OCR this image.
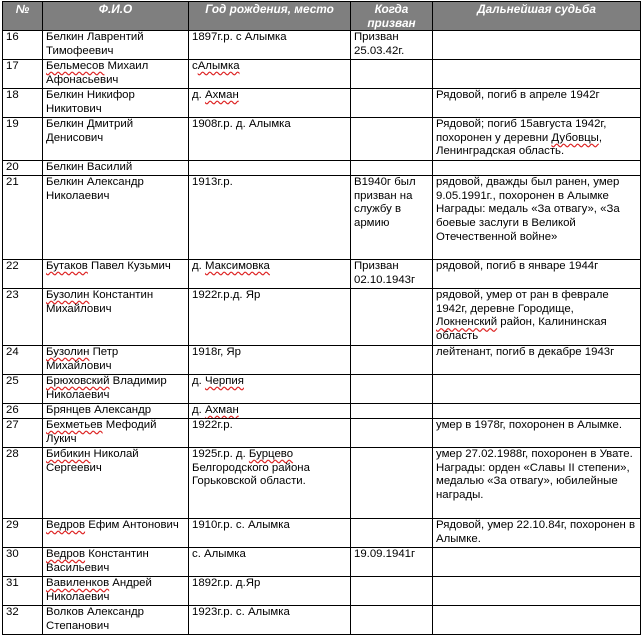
№	Ф.И.О	Год рождения, место	Когда призван	Дальнейшая судьба
16	Белкин Лаврентий Тимофеевич	1897г.р. с Алымка	Призван 25.03.42г.	
17	Бельмесов Михаил Афонасьевич	сАлымка		
18	Белкин Никифор Никитович	д. Ахман		Рядовой, погиб в апреле 1942г
19	Белкин Дмитрий Денисович	1908г.р. д. Алымка		Рядовой; погиб 15августа 1942г, похоронен у деревни Дубовцы, Ленинградская область.
20	Белкин Василий			
21	Белкин Александр Николаевич	1913г.р.	В1940г был призван на службу в армию	рядовой, дважды был ранен, умер 9.05.1991г., похоронен в Алымке
Награды: медаль «За отвагу», «За боевые заслуги в Великой Отечественной войне»
22	Бутаков Павел Кузьмич	д. Максимовка	Призван 02.10.1943г	рядовой, погиб в январе 1944г
23	Бузолин Константин Михайлович	1922г.р.д. Яр		рядовой, умер от ран в феврале 1942г, деревне Городище, Локненский район, Калининская область
24	Бузолин Петр Михайлович	1918г, Яр		лейтенант, погиб в декабре 1943г
25	Брюховский Владимир Николаевич	д. Черпия		
26	Брянцев Александр	д. Ахман		
27	Бехметьев Мефодий Лукич	1922г.р.		умер в 1978г, похоронен в Алымке.
28	Бибикин Николай Сергеевич	1925г.р. д. Бурцево Белгородского района Горьковской области.		умер 27.02.1988г, похоронен в Увате.
Награды: орден «Славы II степени», медалью «За отвагу», юбилейные награды.
29	Ведров Ефим Антонович	1910г.р. с. Алымка		Рядовой, умер 22.10.84г, похоронен в Алымке.
30	Ведров Константин Васильевич	с. Алымка	19.09.1941г	
31	Вавиленков Андрей Николаевич	1892г.р. д.Яр		
32	Волков Александр Степанович	1923г.р. с. Алымка		
